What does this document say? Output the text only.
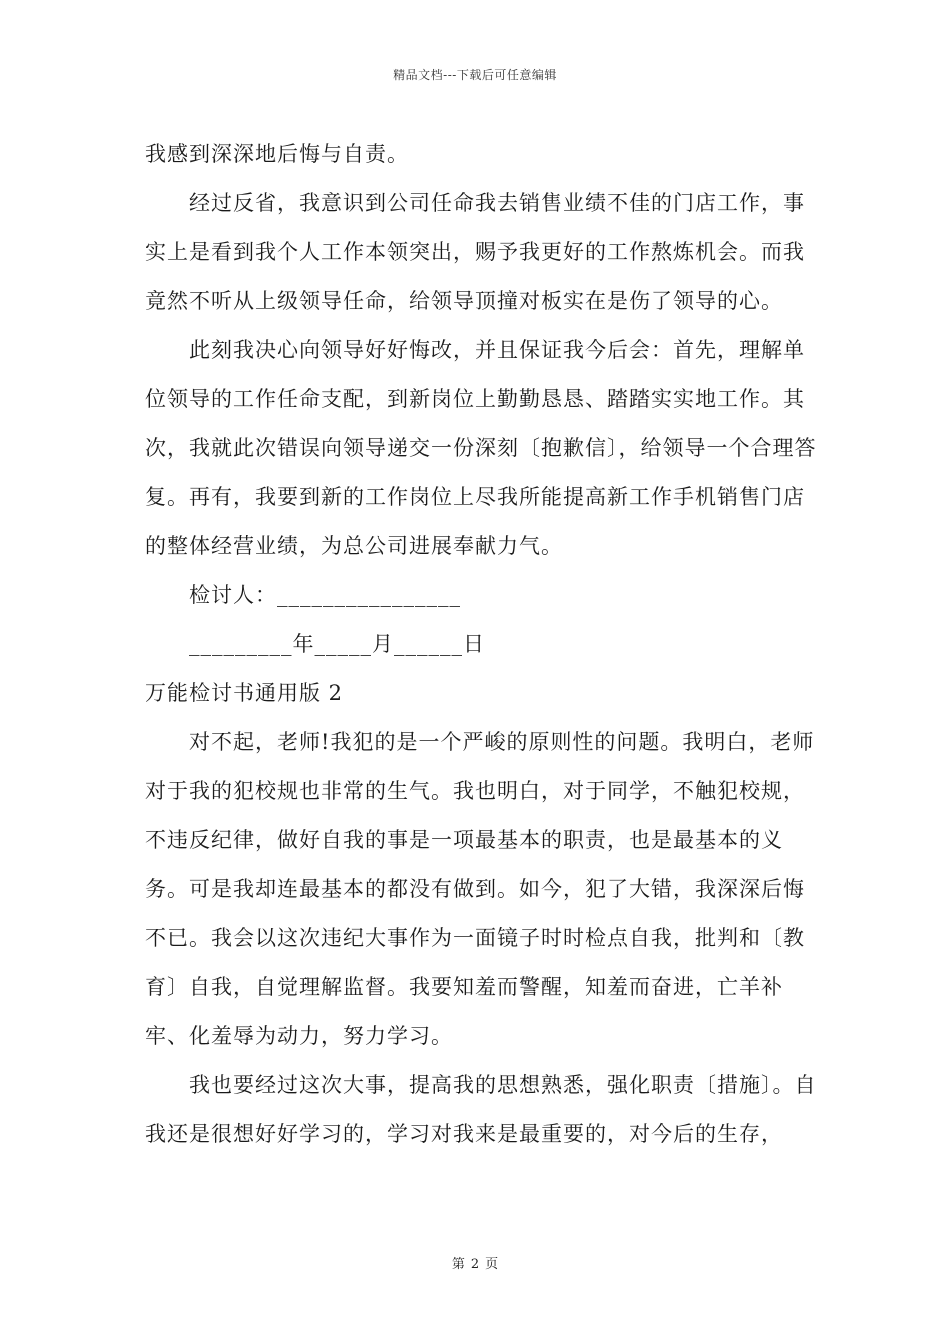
精品文档---下载后可任意编辑

我感到深深地后悔与自责。

经过反省，我意识到公司任命我去销售业绩不佳的门店工作，事实上是看到我个人工作本领突出，赐予我更好的工作熬炼机会。而我竟然不听从上级领导任命，给领导顶撞对板实在是伤了领导的心。

此刻我决心向领导好好悔改，并且保证我今后会：首先，理解单位领导的工作任命支配，到新岗位上勤勤恳恳、踏踏实实地工作。其次，我就此次错误向领导递交一份深刻〔抱歉信〕，给领导一个合理答复。再有，我要到新的工作岗位上尽我所能提高新工作手机销售门店的整体经营业绩，为总公司进展奉献力气。

检讨人：________________

_________年_____月______日

万能检讨书通用版 2

对不起，老师!我犯的是一个严峻的原则性的问题。我明白，老师对于我的犯校规也非常的生气。我也明白，对于同学，不触犯校规，不违反纪律，做好自我的事是一项最基本的职责，也是最基本的义务。可是我却连最基本的都没有做到。如今，犯了大错，我深深后悔不已。我会以这次违纪大事作为一面镜子时时检点自我，批判和〔教育〕自我，自觉理解监督。我要知羞而警醒，知羞而奋进，亡羊补牢、化羞辱为动力，努力学习。

我也要经过这次大事，提高我的思想熟悉，强化职责〔措施〕。自我还是很想好好学习的，学习对我来是最重要的，对今后的生存，

第 2 页
